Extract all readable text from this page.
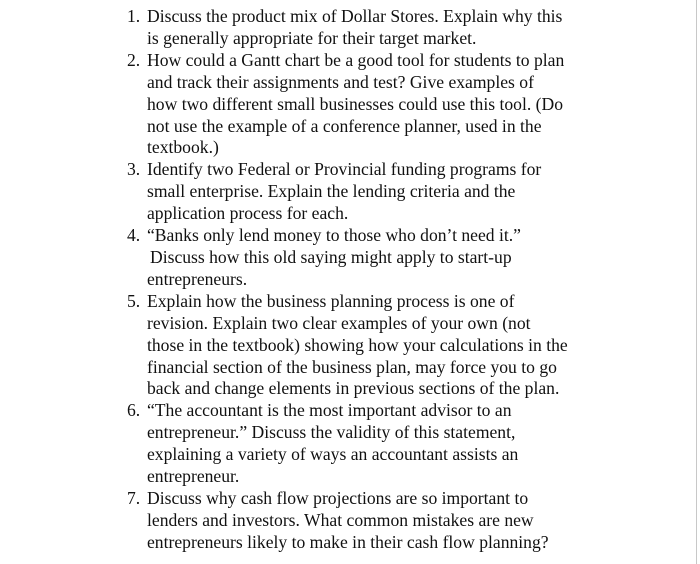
1. Discuss the product mix of Dollar Stores. Explain why this
is generally appropriate for their target market.
2. How could a Gantt chart be a good tool for students to plan
and track their assignments and test? Give examples of
how two different small businesses could use this tool. (Do
not use the example of a conference planner, used in the
textbook.)
3. Identify two Federal or Provincial funding programs for
small enterprise. Explain the lending criteria and the
application process for each.
4. “Banks only lend money to those who don’t need it.”
Discuss how this old saying might apply to start-up
entrepreneurs.
5. Explain how the business planning process is one of
revision. Explain two clear examples of your own (not
those in the textbook) showing how your calculations in the
financial section of the business plan, may force you to go
back and change elements in previous sections of the plan.
6. “The accountant is the most important advisor to an
entrepreneur.” Discuss the validity of this statement,
explaining a variety of ways an accountant assists an
entrepreneur.
7. Discuss why cash flow projections are so important to
lenders and investors. What common mistakes are new
entrepreneurs likely to make in their cash flow planning?
